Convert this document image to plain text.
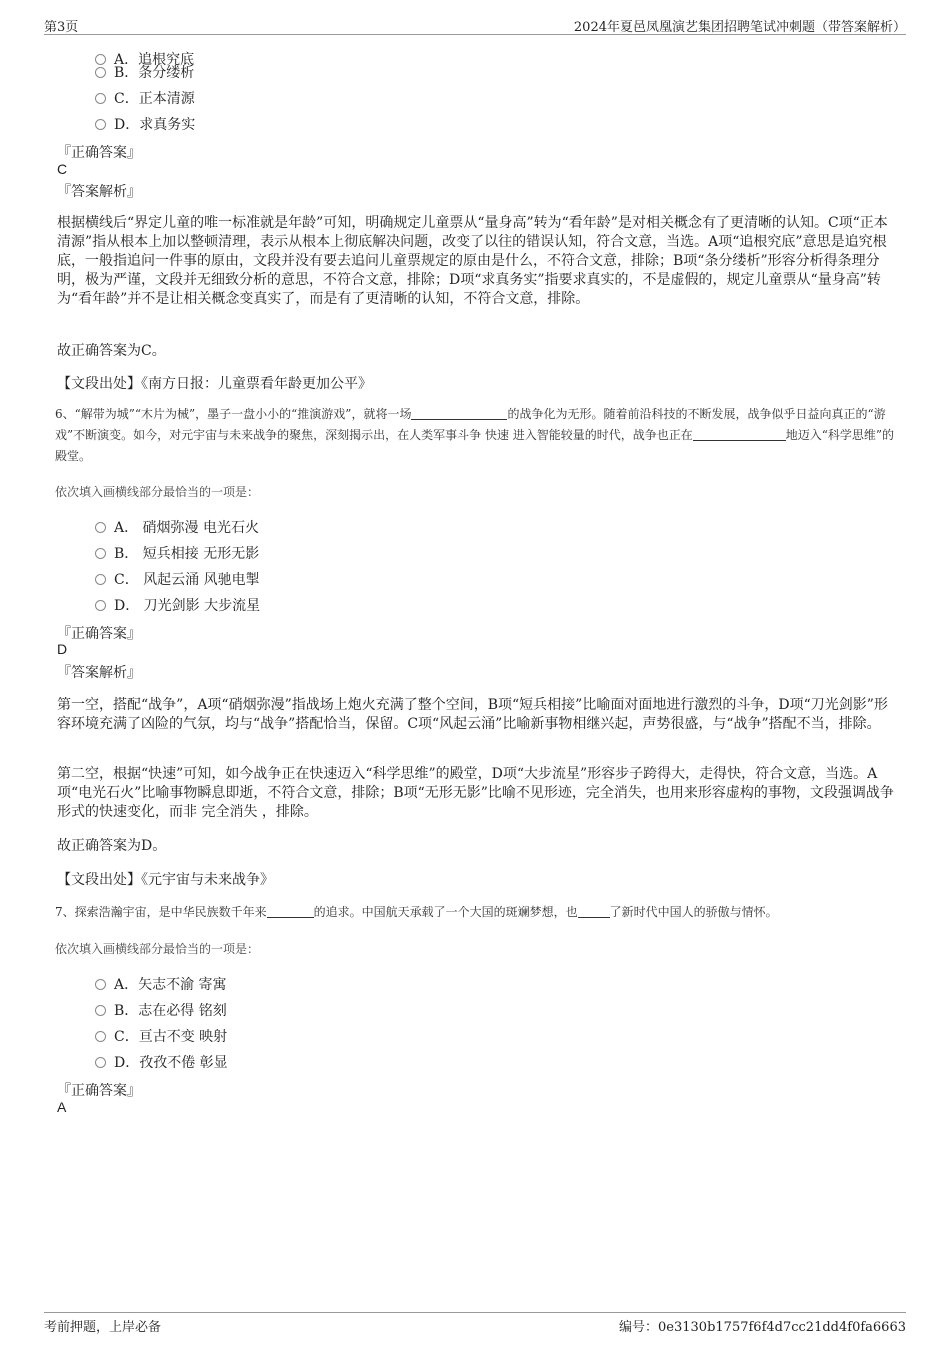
第3页	2024年夏邑凤凰演艺集团招聘笔试冲刺题（带答案解析）
A．追根究底
B．条分缕析
C．正本清源
D．求真务实
『正确答案』
C
『答案解析』
根据横线后“界定儿童的唯一标准就是年龄”可知，明确规定儿童票从“量身高”转为“看年龄”是对相关概念有了更清晰的认知。C项“正本清源”指从根本上加以整顿清理，表示从根本上彻底解决问题，改变了以往的错误认知，符合文意，当选。A项“追根究底”意思是追究根底，一般指追问一件事的原由，文段并没有要去追问儿童票规定的原由是什么，不符合文意，排除；B项“条分缕析”形容分析得条理分明，极为严谨，文段并无细致分析的意思，不符合文意，排除；D项“求真务实”指要求真实的，不是虚假的，规定儿童票从“量身高”转为“看年龄”并不是让相关概念变真实了，而是有了更清晰的认知，不符合文意，排除。
故正确答案为C。
【文段出处】《南方日报：儿童票看年龄更加公平》
6、“解带为城”“木片为械”，墨子一盘小小的“推演游戏”，就将一场	的战争化为无形。随着前沿科技的不断发展，战争似乎日益向真正的“游戏”不断演变。如今，对元宇宙与未来战争的聚焦，深刻揭示出，在人类军事斗争 快速 进入智能较量的时代，战争也正在	地迈入“科学思维”的殿堂。
依次填入画横线部分最恰当的一项是：
A． 硝烟弥漫 电光石火
B． 短兵相接 无形无影
C． 风起云涌 风驰电掣
D． 刀光剑影 大步流星
『正确答案』
D
『答案解析』
第一空，搭配“战争”，A项“硝烟弥漫”指战场上炮火充满了整个空间，B项“短兵相接”比喻面对面地进行激烈的斗争，D项“刀光剑影”形容环境充满了凶险的气氛，均与“战争”搭配恰当，保留。C项“风起云涌”比喻新事物相继兴起，声势很盛，与“战争”搭配不当，排除。
第二空，根据“快速”可知，如今战争正在快速迈入“科学思维”的殿堂，D项“大步流星”形容步子跨得大，走得快，符合文意，当选。A项“电光石火”比喻事物瞬息即逝，不符合文意，排除；B项“无形无影”比喻不见形迹，完全消失，也用来形容虚构的事物，文段强调战争形式的快速变化，而非 完全消失 ，排除。
故正确答案为D。
【文段出处】《元宇宙与未来战争》
7、探索浩瀚宇宙，是中华民族数千年来	的追求。中国航天承载了一个大国的斑斓梦想，也	了新时代中国人的骄傲与情怀。
依次填入画横线部分最恰当的一项是：
A．矢志不渝 寄寓
B．志在必得 铭刻
C．亘古不变 映射
D．孜孜不倦 彰显
『正确答案』
A
考前押题，上岸必备	编号：0e3130b1757f6f4d7cc21dd4f0fa6663
